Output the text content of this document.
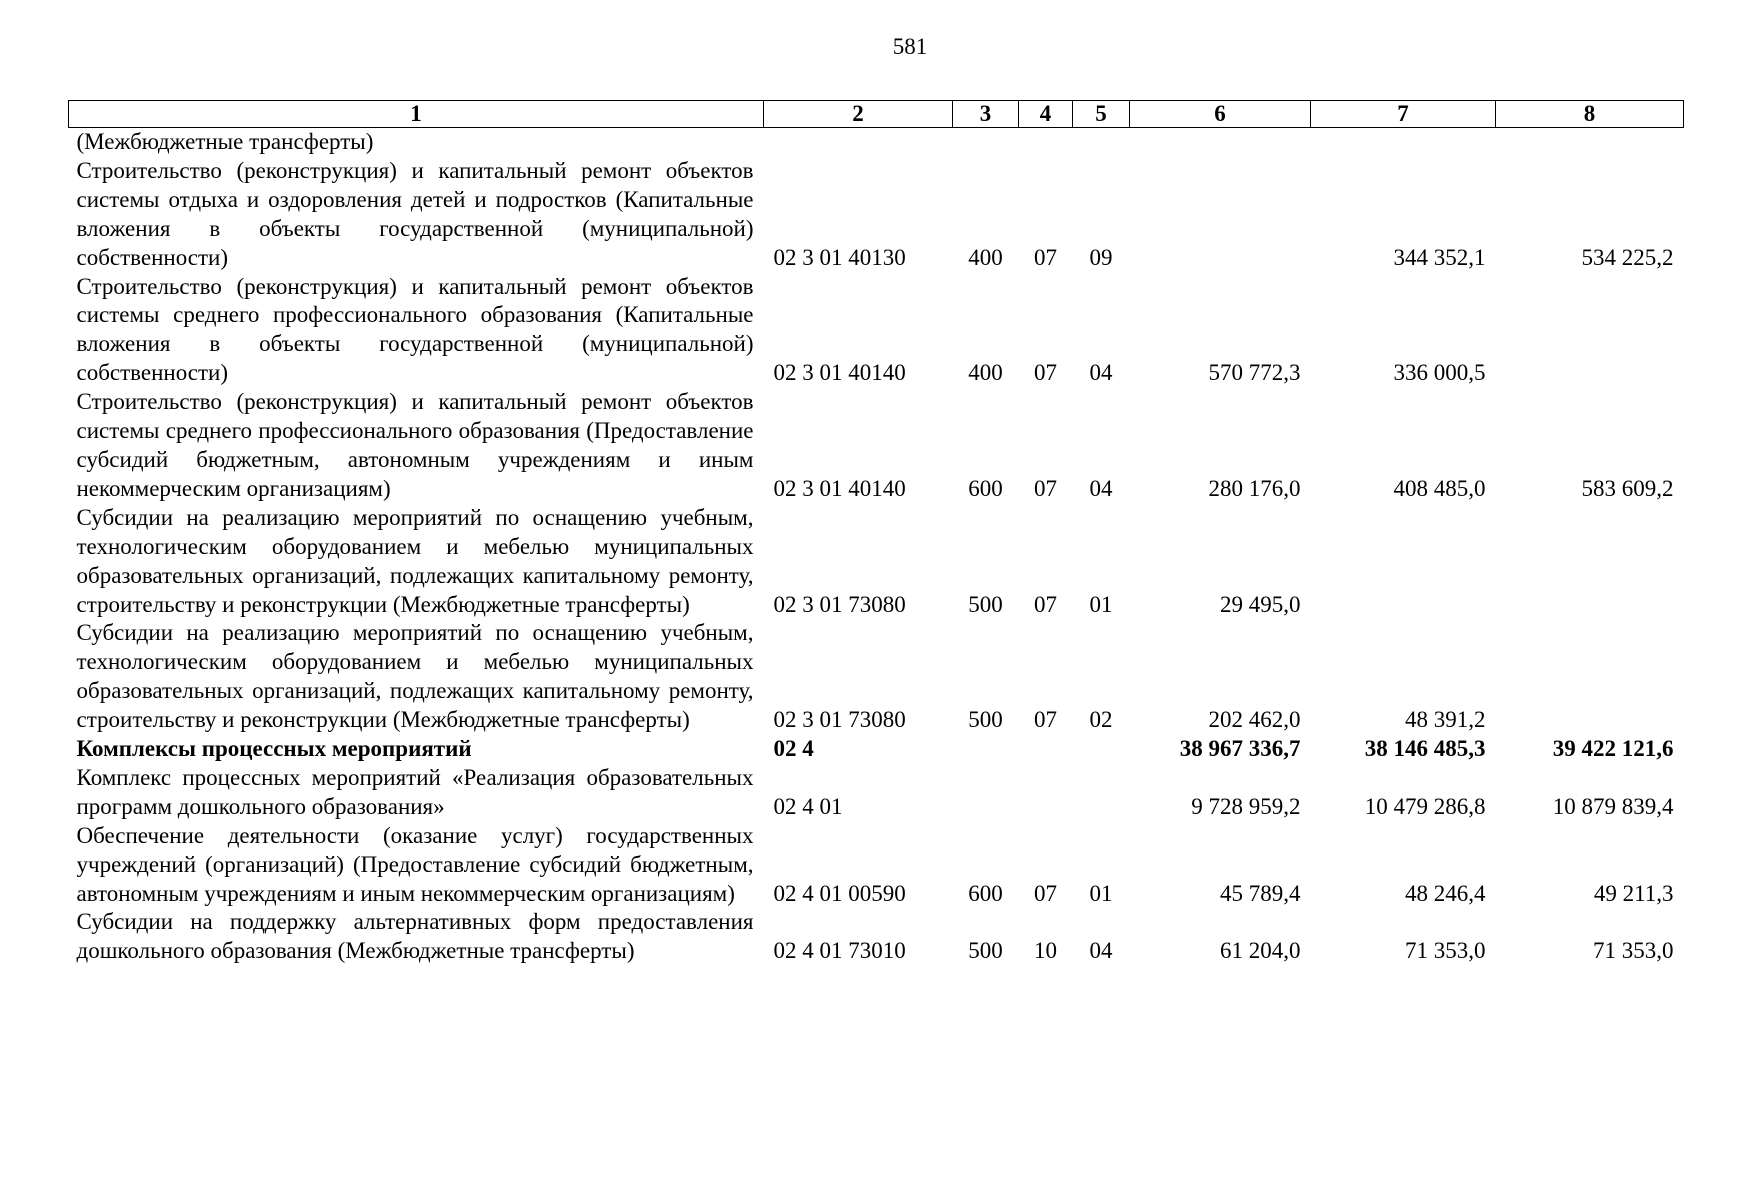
581
1	2	3	4	5	6	7	8
(Межбюджетные трансферты)							
Строительство (реконструкция) и капитальный ремонт объектов системы отдыха и оздоровления детей и подростков (Капитальные вложения в объекты государственной (муниципальной) собственности)	02 3 01 40130	400	07	09		344 352,1	534 225,2
Строительство (реконструкция) и капитальный ремонт объектов системы среднего профессионального образования (Капитальные вложения в объекты государственной (муниципальной) собственности)	02 3 01 40140	400	07	04	570 772,3	336 000,5	
Строительство (реконструкция) и капитальный ремонт объектов системы среднего профессионального образования (Предоставление субсидий бюджетным, автономным учреждениям и иным некоммерческим организациям)	02 3 01 40140	600	07	04	280 176,0	408 485,0	583 609,2
Субсидии на реализацию мероприятий по оснащению учебным, технологическим оборудованием и мебелью муниципальных образовательных организаций, подлежащих капитальному ремонту, строительству и реконструкции (Межбюджетные трансферты)	02 3 01 73080	500	07	01	29 495,0		
Субсидии на реализацию мероприятий по оснащению учебным, технологическим оборудованием и мебелью муниципальных образовательных организаций, подлежащих капитальному ремонту, строительству и реконструкции (Межбюджетные трансферты)	02 3 01 73080	500	07	02	202 462,0	48 391,2	
Комплексы процессных мероприятий	02 4				38 967 336,7	38 146 485,3	39 422 121,6
Комплекс процессных мероприятий «Реализация образовательных программ дошкольного образования»	02 4 01				9 728 959,2	10 479 286,8	10 879 839,4
Обеспечение деятельности (оказание услуг) государственных учреждений (организаций) (Предоставление субсидий бюджетным, автономным учреждениям и иным некоммерческим организациям)	02 4 01 00590	600	07	01	45 789,4	48 246,4	49 211,3
Субсидии на поддержку альтернативных форм предоставления дошкольного образования (Межбюджетные трансферты)	02 4 01 73010	500	10	04	61 204,0	71 353,0	71 353,0
